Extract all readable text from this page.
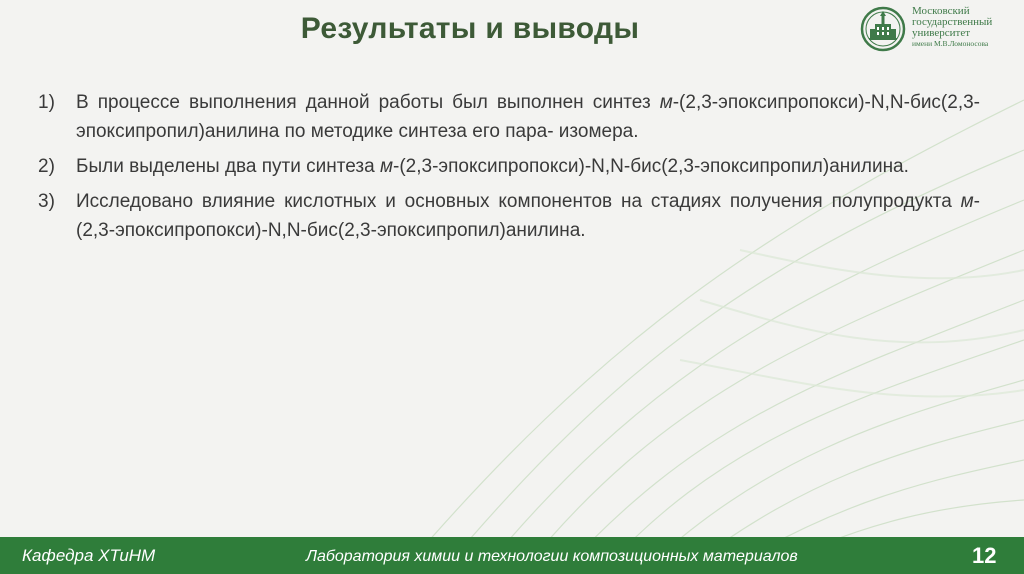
Результаты и выводы
Московский
государственный
университет
имени М.В.Ломоносова
1)	В процессе выполнения данной работы был выполнен синтез м-(2,3-эпоксипропокси)-N,N-бис(2,3-эпоксипропил)анилина по методике синтеза его пара- изомера.
2)	Были выделены два пути синтеза м-(2,3-эпоксипропокси)-N,N-бис(2,3-эпоксипропил)анилина.
3)	Исследовано влияние кислотных и основных компонентов на стадиях получения полупродукта м-(2,3-эпоксипропокси)-N,N-бис(2,3-эпоксипропил)анилина.
Кафедра ХТиНМ	Лаборатория химии и технологии композиционных материалов	12
